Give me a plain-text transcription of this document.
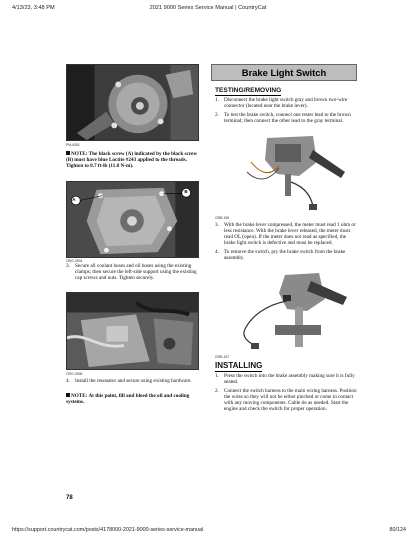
4/13/23, 3:48 PM	2021 9000 Series Service Manual | CountryCat
PM-0051
NOTE: The black screw (A) indicated by the black screw (B) must have blue Loctite #243 applied to the threads. Tighten to 8.7 ft-lb (11.8 N-m).
A
B
ORG-0934
3. Secure all coolant hoses and oil hoses using the existing clamps; then secure the left-side support using the existing cap screws and nuts. Tighten securely.
ORG-0935
4. Install the resonator and secure using existing hardware.
NOTE: At this point, fill and bleed the oil and cooling systems.
Brake Light Switch
TESTING/REMOVING
1. Disconnect the brake light switch gray and brown two-wire connector (located near the brake lever).
2. To test the brake switch, connect one tester lead to the brown terminal; then connect the other lead to the gray terminal.
GRB-155
3. With the brake lever compressed, the meter must read 1 ohm or less resistance. With the brake lever released, the meter must read OL (open). If the meter does not read as specified, the brake light switch is defective and must be replaced.
4. To remove the switch, pry the brake switch from the brake assembly.
GRB-157
INSTALLING
1. Press the switch into the brake assembly making sure it is fully seated.
2. Connect the switch harness to the main wiring harness. Position the wires so they will not be either pinched or come in contact with any moving components. Cable tie as needed. Start the engine and check the switch for proper operation.
78
https://support.countrycat.com/posts/4178000-2021-9000-series-service-manual	80/124
